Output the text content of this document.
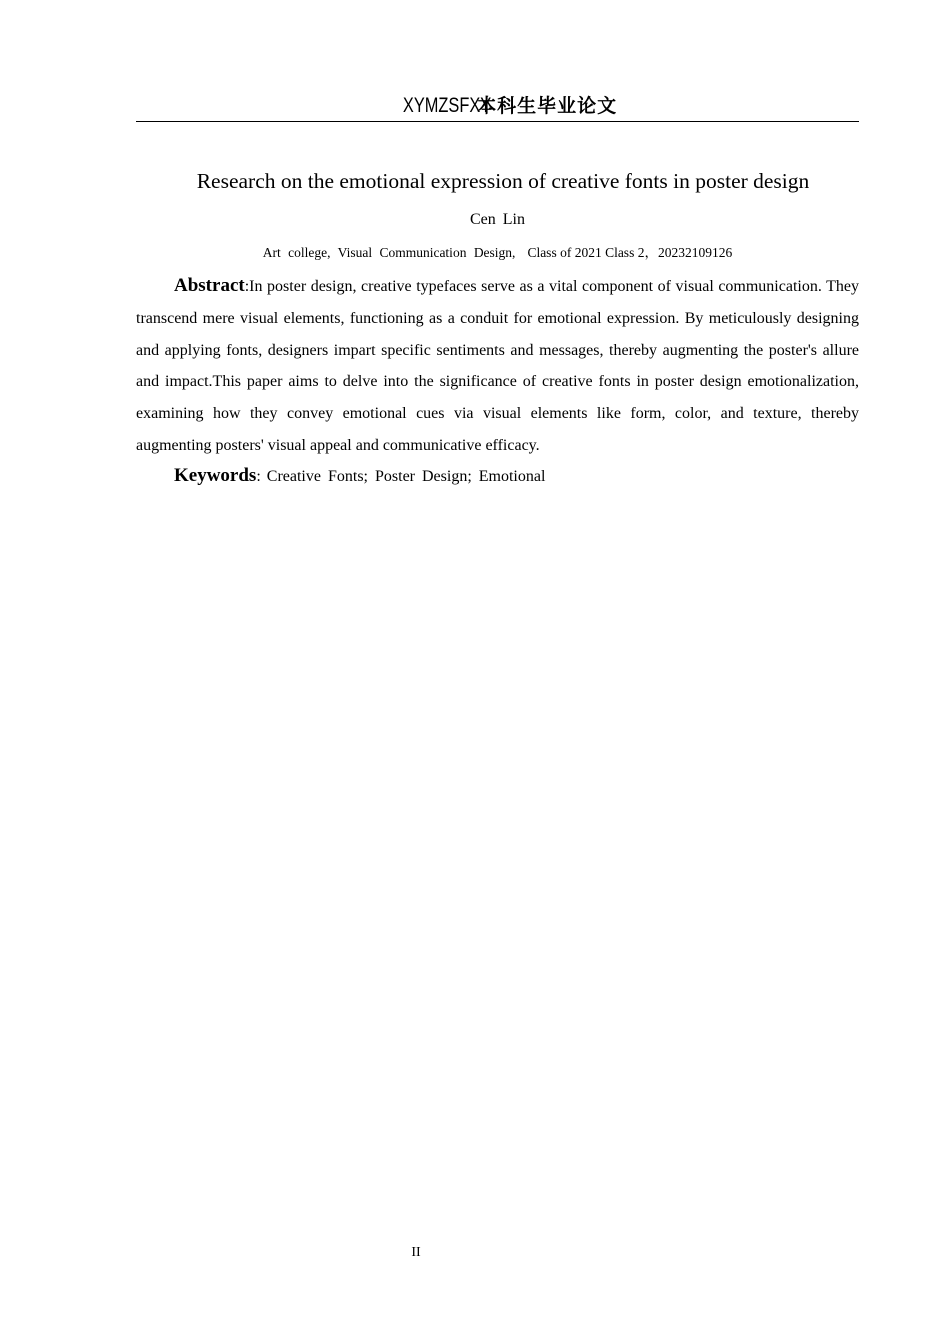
XYMZSFXY本科生毕业论文
Research on the emotional expression of creative fonts in poster design
Cen Lin
Art college, Visual Communication Design, Class of 2021 Class 2，20232109126

Abstract:In poster design, creative typefaces serve as a vital component of visual communication. They transcend mere visual elements, functioning as a conduit for emotional expression. By meticulously designing and applying fonts, designers impart specific sentiments and messages, thereby augmenting the poster's allure and impact.This paper aims to delve into the significance of creative fonts in poster design emotionalization, examining how they convey emotional cues via visual elements like form, color, and texture, thereby augmenting posters' visual appeal and communicative efficacy.

Keywords: Creative Fonts; Poster Design; Emotional

II
